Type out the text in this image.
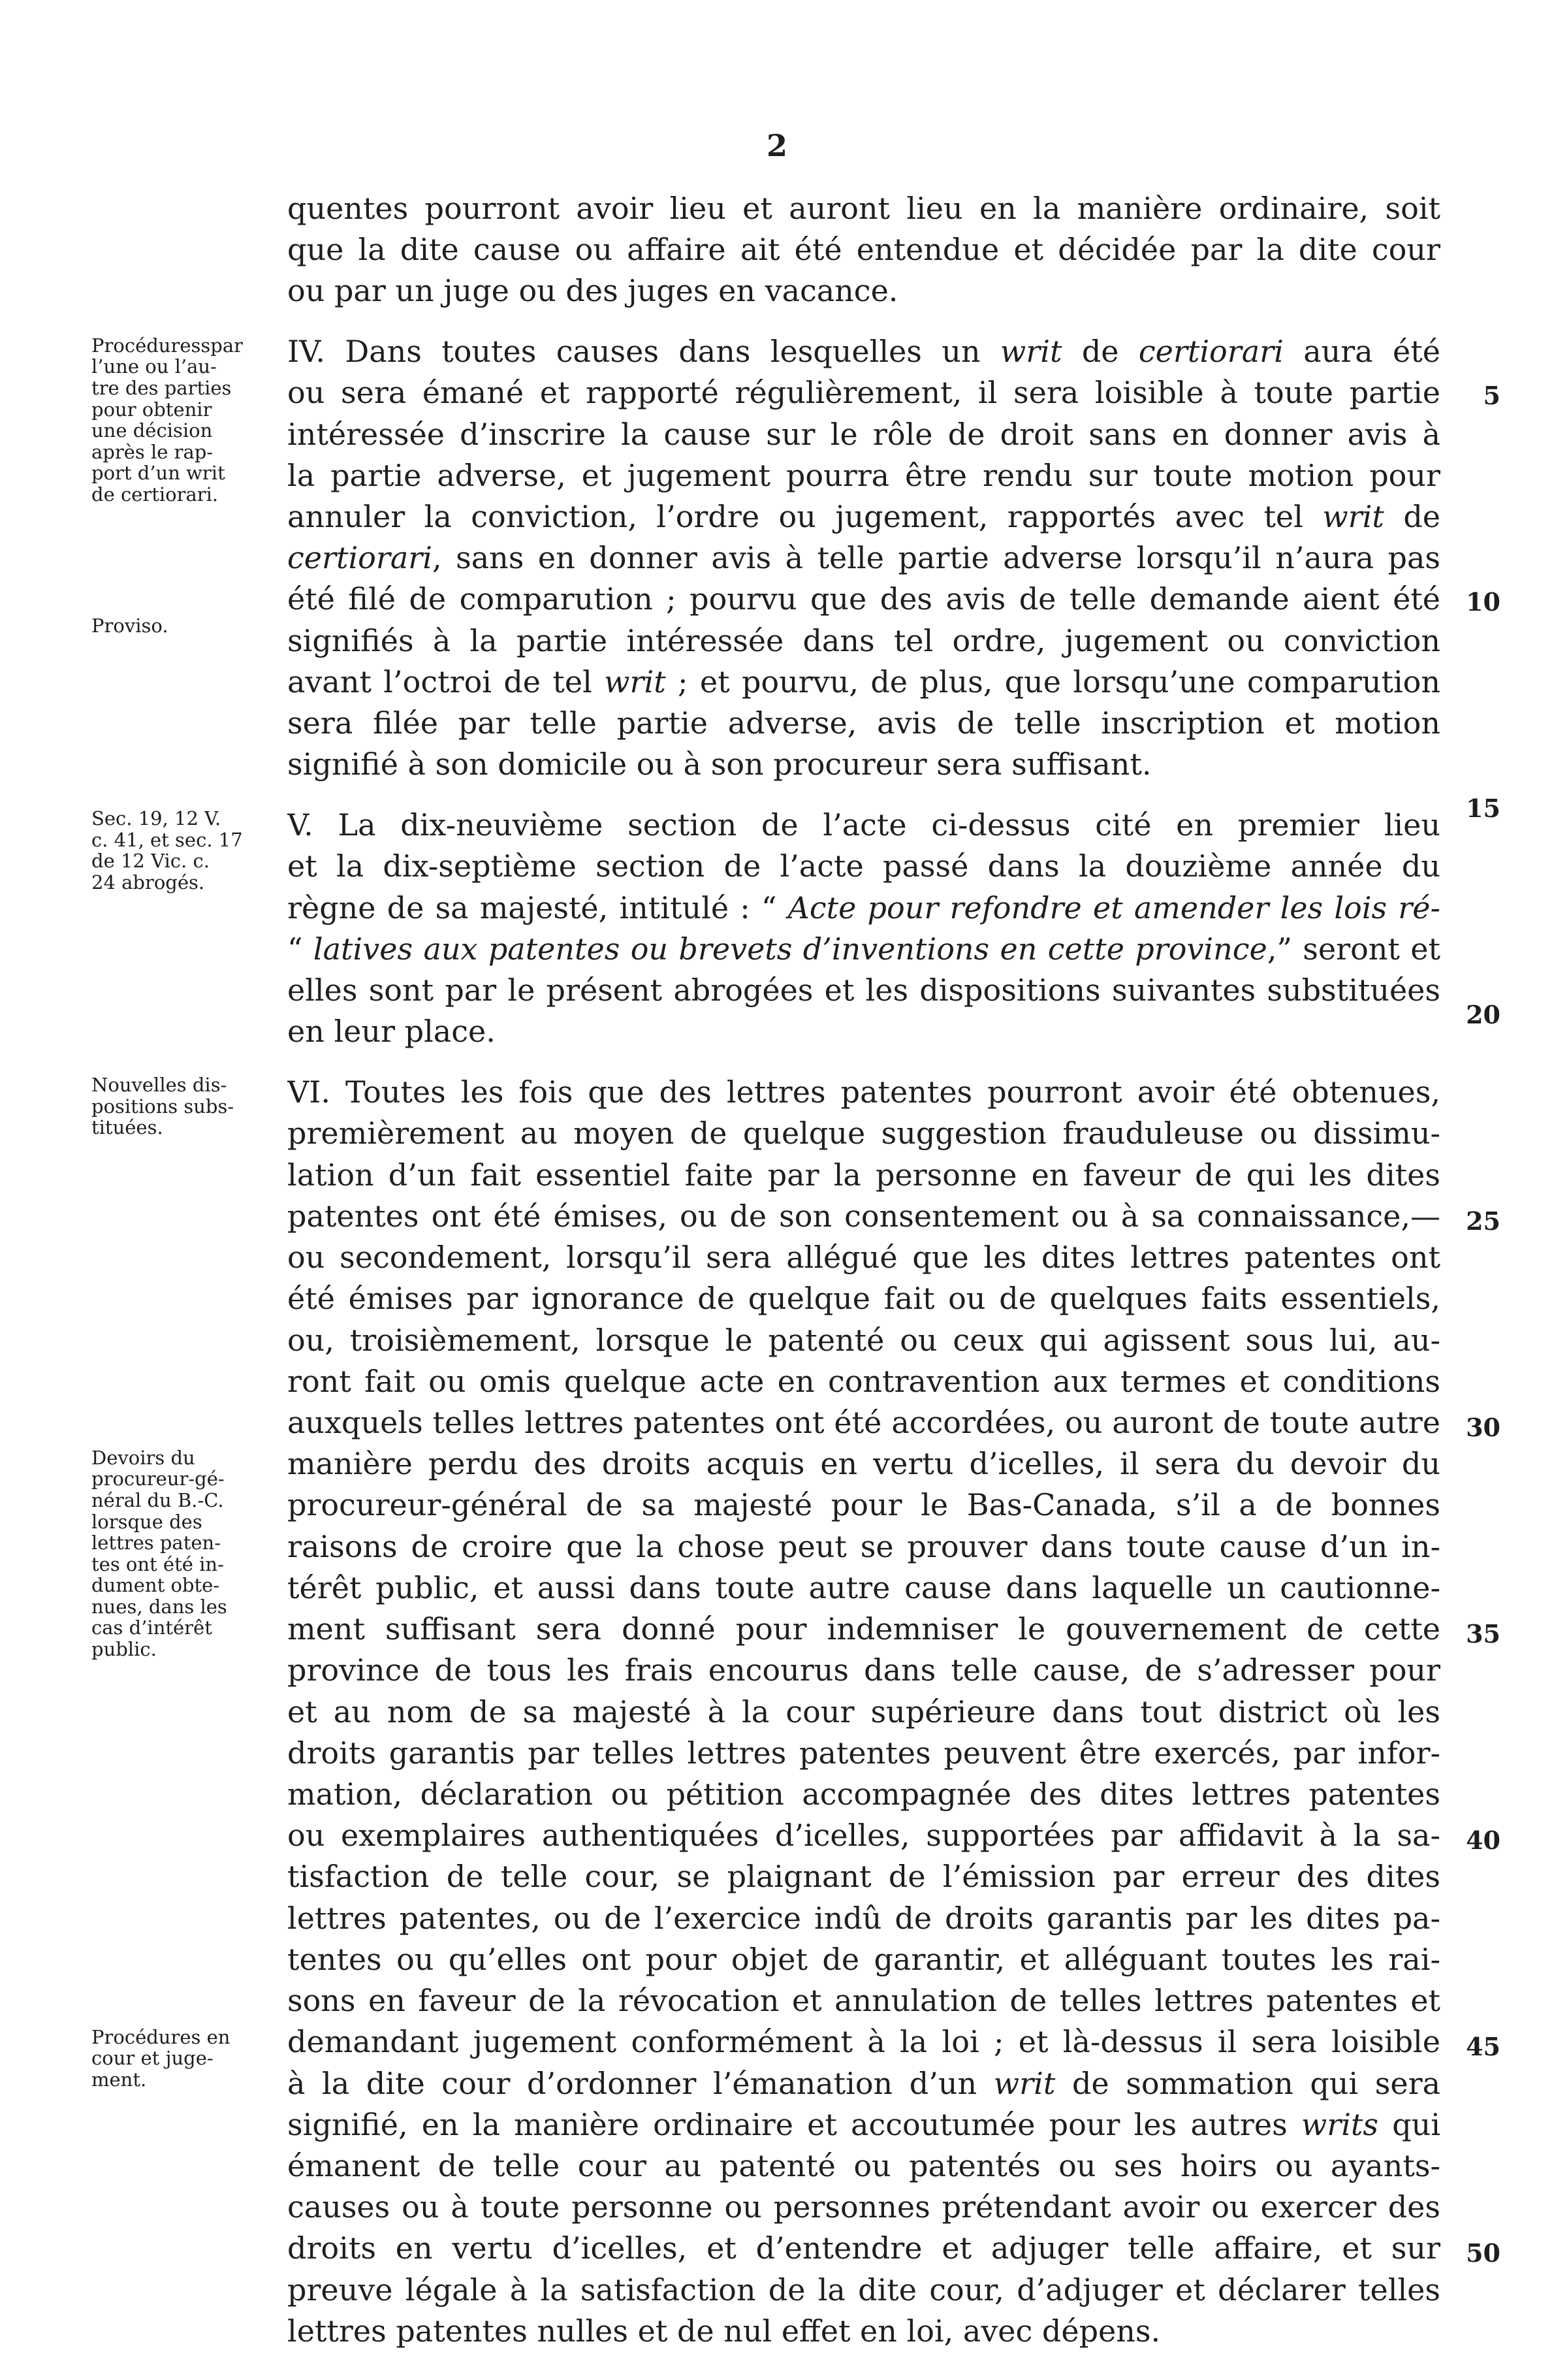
2
quentes pourront avoir lieu et auront lieu en la manière ordinaire, soit
que la dite cause ou affaire ait été entendue et décidée par la dite cour
ou par un juge ou des juges en vacance.
IV. Dans toutes causes dans lesquelles un writ de certiorari aura été
ou sera émané et rapporté régulièrement, il sera loisible à toute partie
intéressée d’inscrire la cause sur le rôle de droit sans en donner avis à
la partie adverse, et jugement pourra être rendu sur toute motion pour
annuler la conviction, l’ordre ou jugement, rapportés avec tel writ de
certiorari, sans en donner avis à telle partie adverse lorsqu’il n’aura pas
été filé de comparution ; pourvu que des avis de telle demande aient été
signifiés à la partie intéressée dans tel ordre, jugement ou conviction
avant l’octroi de tel writ ; et pourvu, de plus, que lorsqu’une comparution
sera filée par telle partie adverse, avis de telle inscription et motion
signifié à son domicile ou à son procureur sera suffisant.
V. La dix-neuvième section de l’acte ci-dessus cité en premier lieu
et la dix-septième section de l’acte passé dans la douzième année du
règne de sa majesté, intitulé : “ Acte pour refondre et amender les lois ré-
“ latives aux patentes ou brevets d’inventions en cette province,” seront et
elles sont par le présent abrogées et les dispositions suivantes substituées
en leur place.
VI. Toutes les fois que des lettres patentes pourront avoir été obtenues,
premièrement au moyen de quelque suggestion frauduleuse ou dissimu-
lation d’un fait essentiel faite par la personne en faveur de qui les dites
patentes ont été émises, ou de son consentement ou à sa connaissance,—
ou secondement, lorsqu’il sera allégué que les dites lettres patentes ont
été émises par ignorance de quelque fait ou de quelques faits essentiels,
ou, troisièmement, lorsque le patenté ou ceux qui agissent sous lui, au-
ront fait ou omis quelque acte en contravention aux termes et conditions
auxquels telles lettres patentes ont été accordées, ou auront de toute autre
manière perdu des droits acquis en vertu d’icelles, il sera du devoir du
procureur-général de sa majesté pour le Bas-Canada, s’il a de bonnes
raisons de croire que la chose peut se prouver dans toute cause d’un in-
térêt public, et aussi dans toute autre cause dans laquelle un cautionne-
ment suffisant sera donné pour indemniser le gouvernement de cette
province de tous les frais encourus dans telle cause, de s’adresser pour
et au nom de sa majesté à la cour supérieure dans tout district où les
droits garantis par telles lettres patentes peuvent être exercés, par infor-
mation, déclaration ou pétition accompagnée des dites lettres patentes
ou exemplaires authentiquées d’icelles, supportées par affidavit à la sa-
tisfaction de telle cour, se plaignant de l’émission par erreur des dites
lettres patentes, ou de l’exercice indû de droits garantis par les dites pa-
tentes ou qu’elles ont pour objet de garantir, et alléguant toutes les rai-
sons en faveur de la révocation et annulation de telles lettres patentes et
demandant jugement conformément à la loi ; et là-dessus il sera loisible
à la dite cour d’ordonner l’émanation d’un writ de sommation qui sera
signifié, en la manière ordinaire et accoutumée pour les autres writs qui
émanent de telle cour au patenté ou patentés ou ses hoirs ou ayants-
causes ou à toute personne ou personnes prétendant avoir ou exercer des
droits en vertu d’icelles, et d’entendre et adjuger telle affaire, et sur
preuve légale à la satisfaction de la dite cour, d’adjuger et déclarer telles
lettres patentes nulles et de nul effet en loi, avec dépens.
Procéduresspar
l’une ou l’au-
tre des parties
pour obtenir
une décision
après le rap-
port d’un writ
de certiorari.
Proviso.
Sec. 19, 12 V.
c. 41, et sec. 17
de 12 Vic. c.
24 abrogés.
Nouvelles dis-
positions subs-
tituées.
Devoirs du
procureur-gé-
néral du B.-C.
lorsque des
lettres paten-
tes ont été in-
dument obte-
nues, dans les
cas d’intérêt
public.
Procédures en
cour et juge-
ment.
5
10
15
20
25
30
35
40
45
50
